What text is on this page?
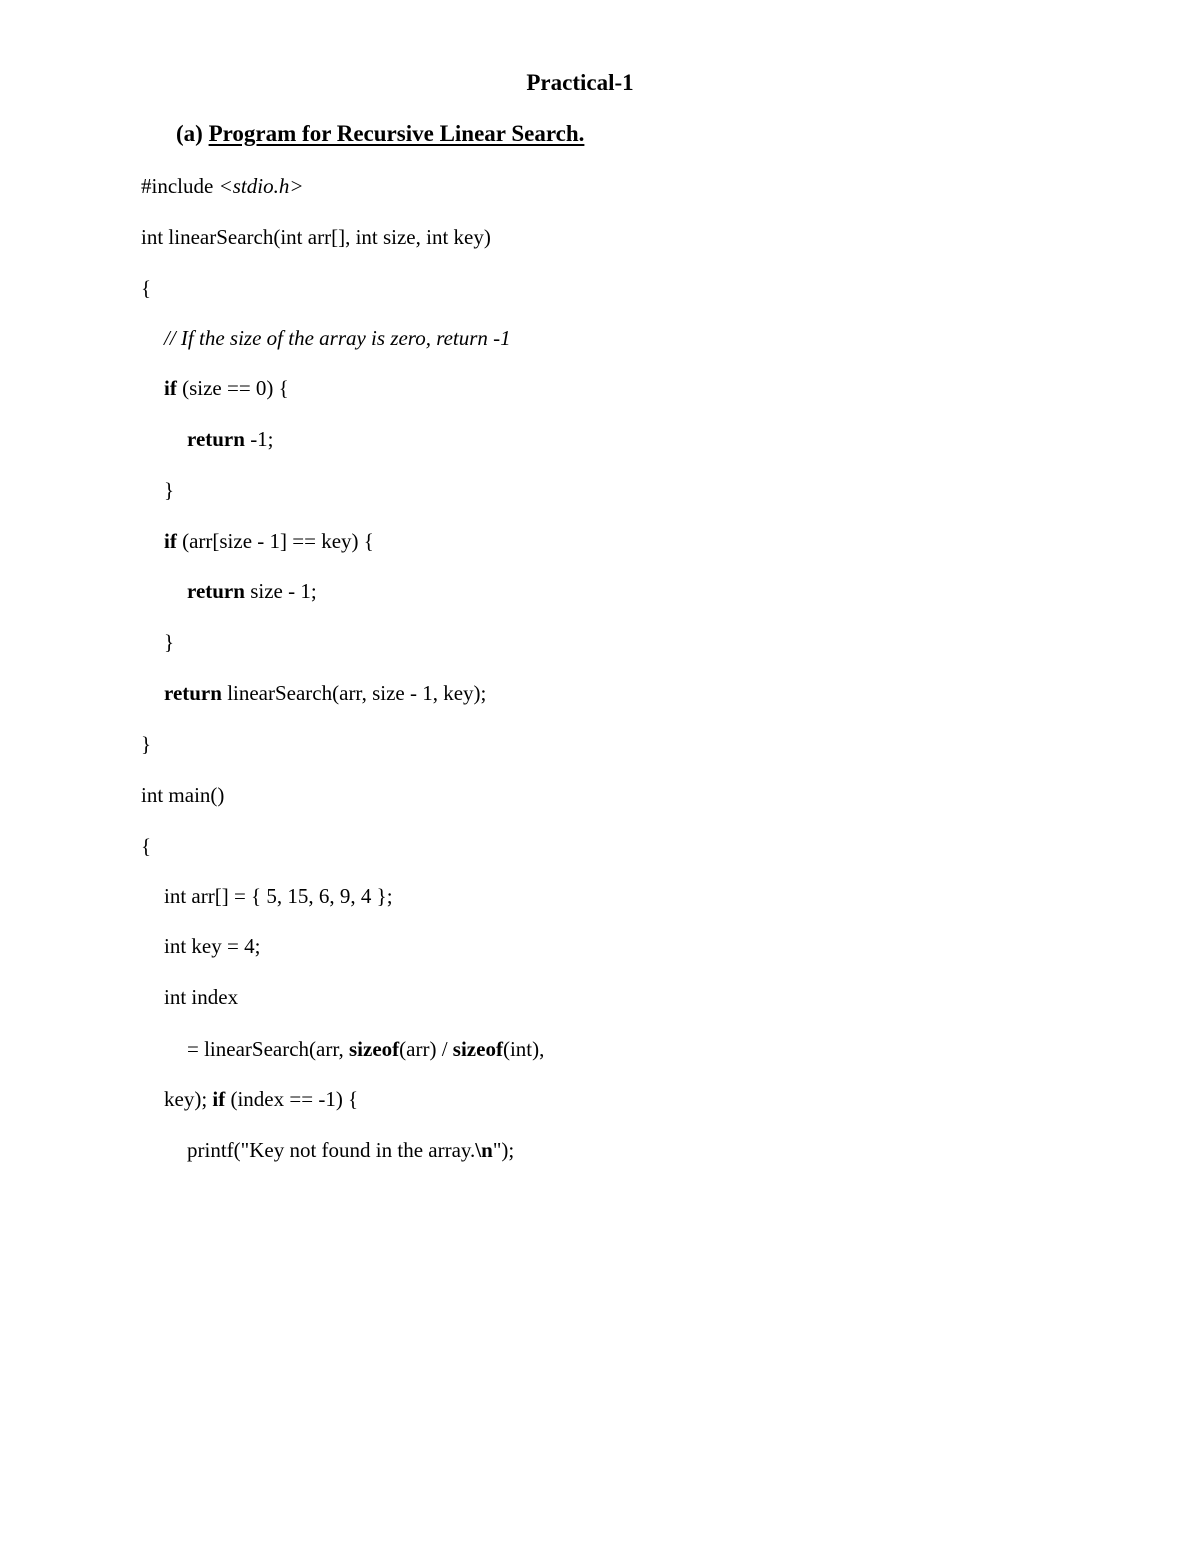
Practical-1
(a) Program for Recursive Linear Search.
#include <stdio.h>
int linearSearch(int arr[], int size, int key)
{
// If the size of the array is zero, return -1
if (size == 0) {
return -1;
}
if (arr[size - 1] == key) {
return size - 1;
}
return linearSearch(arr, size - 1, key);
}
int main()
{
int arr[] = { 5, 15, 6, 9, 4 };
int key = 4;
int index
= linearSearch(arr, sizeof(arr) / sizeof(int),
key); if (index == -1) {
printf("Key not found in the array.\n");
